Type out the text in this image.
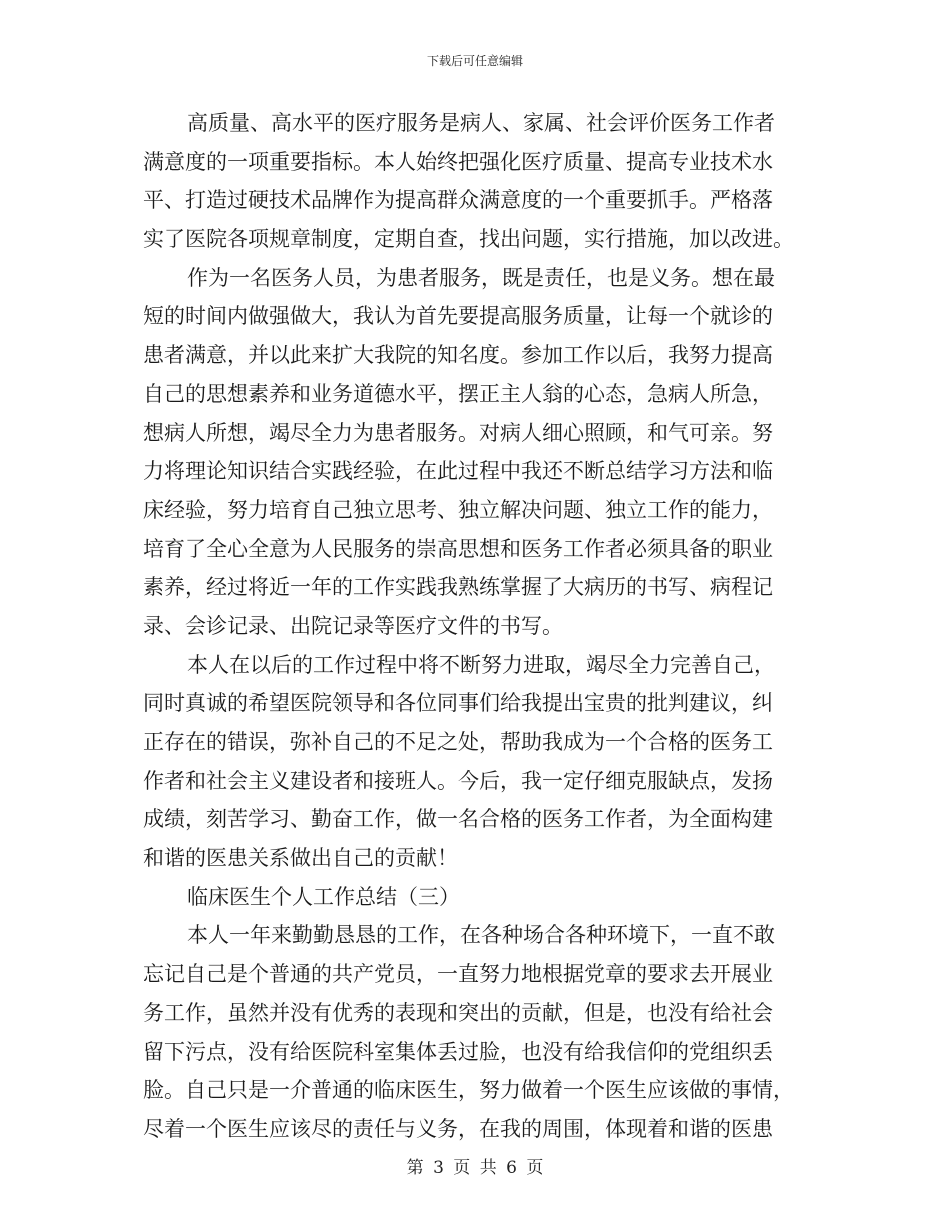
下载后可任意编辑
高质量、高水平的医疗服务是病人、家属、社会评价医务工作者
满意度的一项重要指标。本人始终把强化医疗质量、提高专业技术水
平、打造过硬技术品牌作为提高群众满意度的一个重要抓手。严格落
实了医院各项规章制度，定期自查，找出问题，实行措施，加以改进。
作为一名医务人员，为患者服务，既是责任，也是义务。想在最
短的时间内做强做大，我认为首先要提高服务质量，让每一个就诊的
患者满意，并以此来扩大我院的知名度。参加工作以后，我努力提高
自己的思想素养和业务道德水平，摆正主人翁的心态，急病人所急，
想病人所想，竭尽全力为患者服务。对病人细心照顾，和气可亲。努
力将理论知识结合实践经验，在此过程中我还不断总结学习方法和临
床经验，努力培育自己独立思考、独立解决问题、独立工作的能力，
培育了全心全意为人民服务的崇高思想和医务工作者必须具备的职业
素养，经过将近一年的工作实践我熟练掌握了大病历的书写、病程记
录、会诊记录、出院记录等医疗文件的书写。
本人在以后的工作过程中将不断努力进取，竭尽全力完善自己，
同时真诚的希望医院领导和各位同事们给我提出宝贵的批判建议，纠
正存在的错误，弥补自己的不足之处，帮助我成为一个合格的医务工
作者和社会主义建设者和接班人。今后，我一定仔细克服缺点，发扬
成绩，刻苦学习、勤奋工作，做一名合格的医务工作者，为全面构建
和谐的医患关系做出自己的贡献！
临床医生个人工作总结（三）
本人一年来勤勤恳恳的工作，在各种场合各种环境下，一直不敢
忘记自己是个普通的共产党员，一直努力地根据党章的要求去开展业
务工作，虽然并没有优秀的表现和突出的贡献，但是，也没有给社会
留下污点，没有给医院科室集体丢过脸，也没有给我信仰的党组织丢
脸。自己只是一介普通的临床医生，努力做着一个医生应该做的事情，
尽着一个医生应该尽的责任与义务，在我的周围，体现着和谐的医患
第 3 页 共 6 页
